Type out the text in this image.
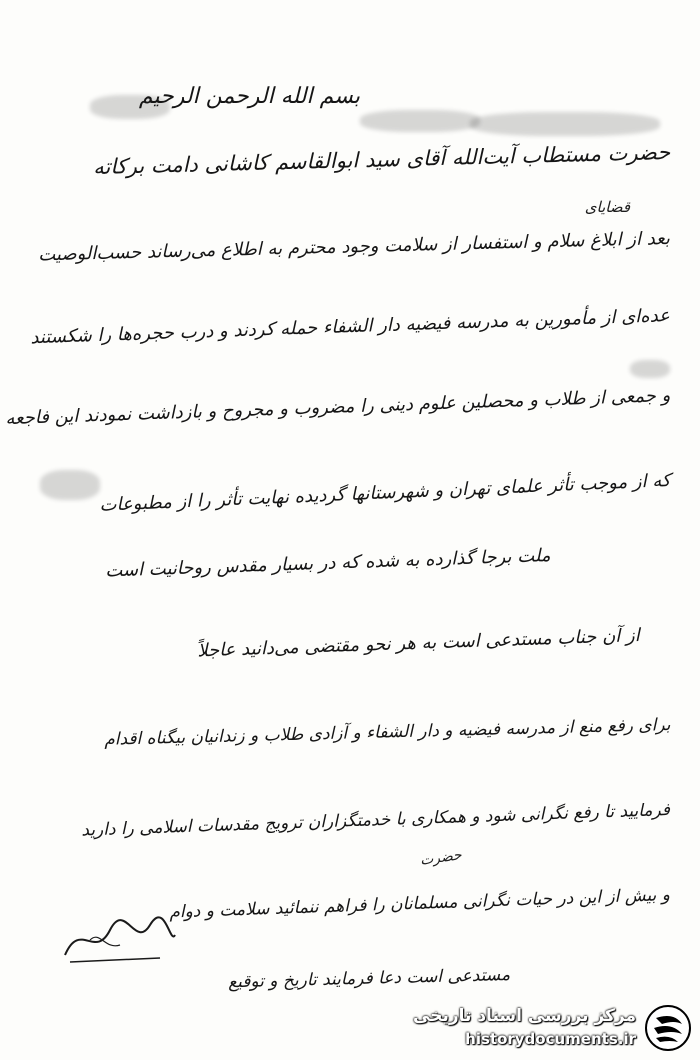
بسم الله الرحمن الرحیم
حضرت مستطاب آیت‌الله آقای سید ابوالقاسم کاشانی دامت برکاته
قضایای
بعد از ابلاغ سلام و استفسار از سلامت وجود محترم به اطلاع می‌رساند حسب‌الوصیت
عده‌ای از مأمورین به مدرسه فیضیه دار الشفاء حمله کردند و درب حجره‌ها را شکستند
و جمعی از طلاب و محصلین علوم دینی را مضروب و مجروح و بازداشت نمودند این فاجعه
که از موجب تأثر علمای تهران و شهرستانها گردیده نهایت تأثر را از مطبوعات
ملت برجا گذارده به شده که در بسیار مقدس روحانیت است
از آن جناب مستدعی است به هر نحو مقتضی می‌دانید عاجلاً
برای رفع منع از مدرسه فیضیه و دار الشفاء و آزادی طلاب و زندانیان بیگناه اقدام
فرمایید تا رفع نگرانی شود و همکاری با خدمتگزاران ترویج مقدسات اسلامی را دارید
حضرت
و بیش از این در حیات نگرانی مسلمانان را فراهم ننمائید سلامت و دوام
مستدعی است دعا فرمایند تاریخ و توقیع
مرکز بررسی اسناد تاریخی
historydocuments.ir
